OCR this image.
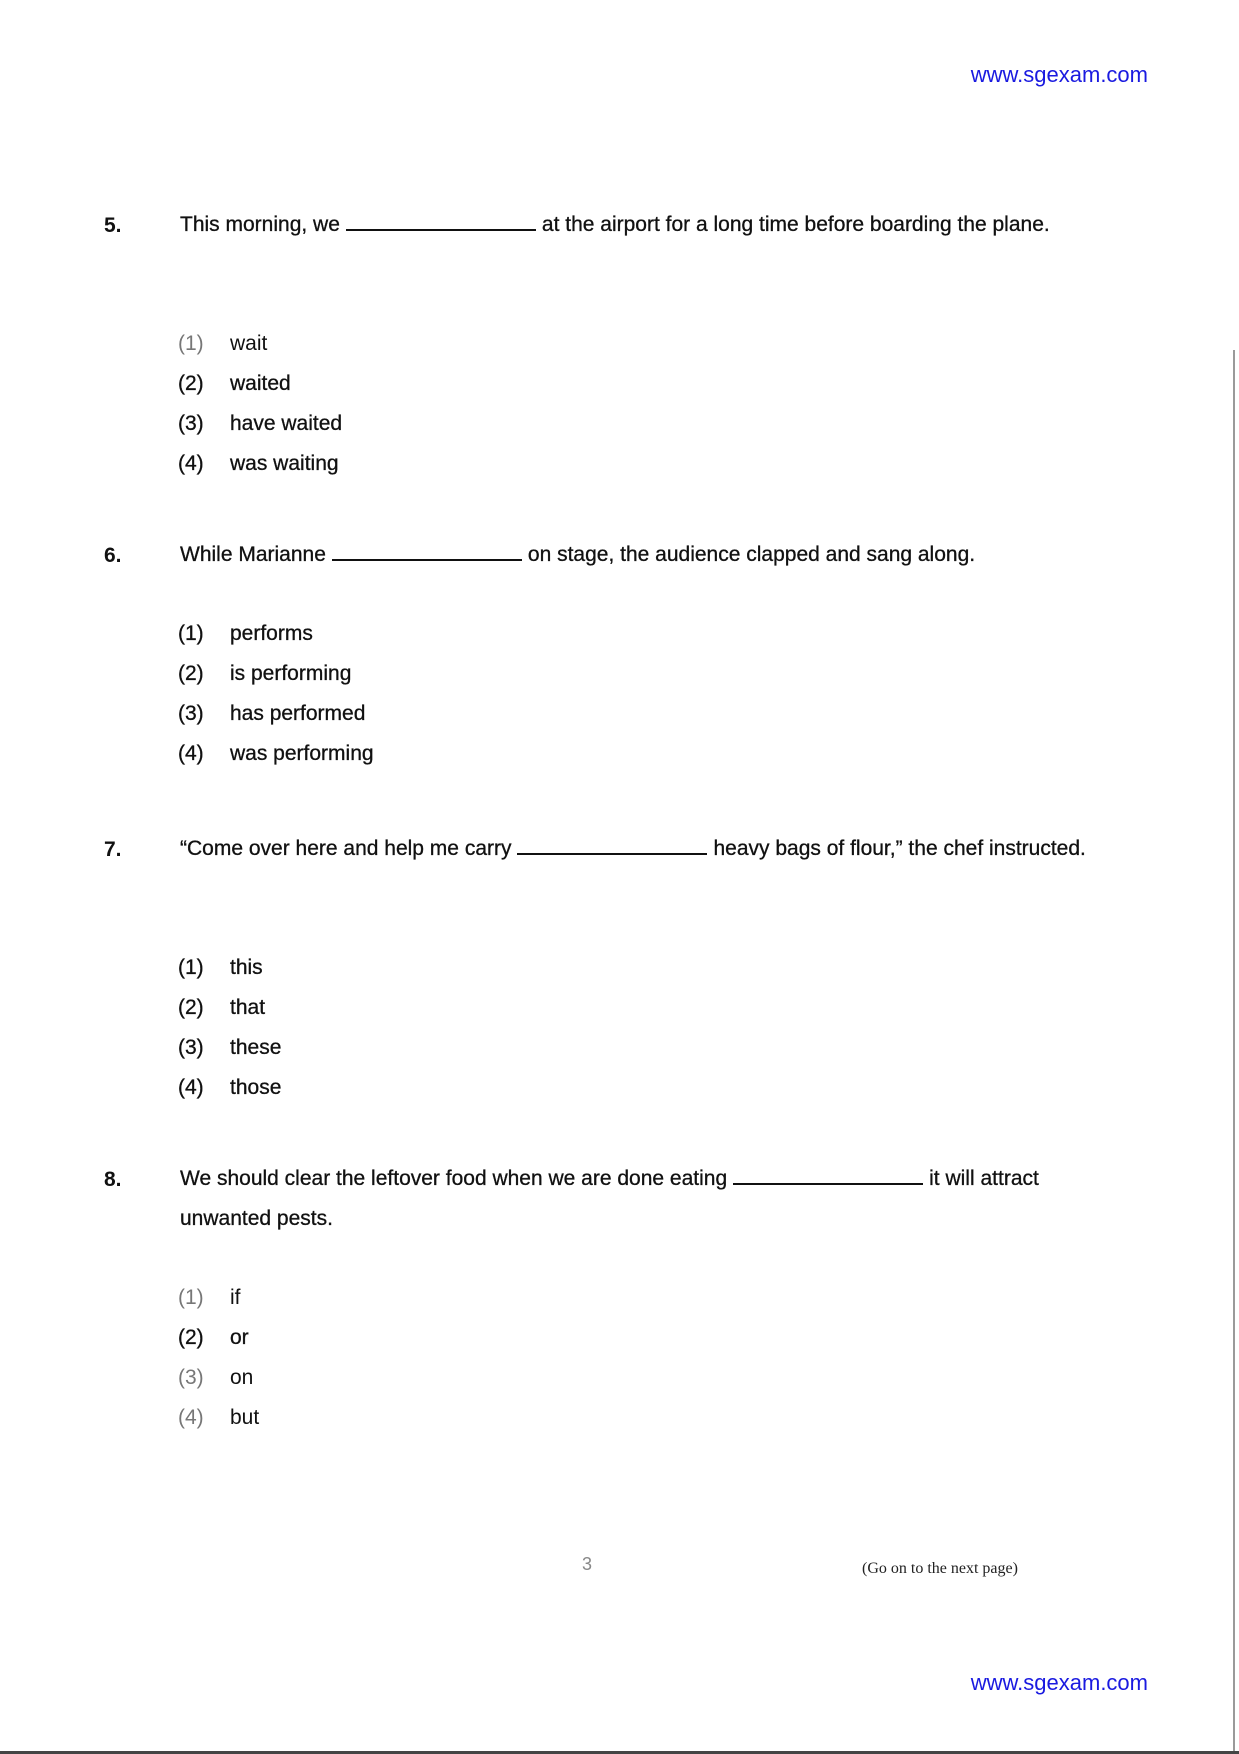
www.sgexam.com
5.	This morning, we	at the airport for a long time before boarding the plane.
(1) wait
(2) waited
(3) have waited
(4) was waiting
6.	While Marianne	on stage, the audience clapped and sang along.
(1) performs
(2) is performing
(3) has performed
(4) was performing
7.	“Come over here and help me carry	heavy bags of flour,” the chef instructed.
(1) this
(2) that
(3) these
(4) those
8.	We should clear the leftover food when we are done eating	it will attract unwanted pests.
(1) if
(2) or
(3) on
(4) but
3	(Go on to the next page)
www.sgexam.com
